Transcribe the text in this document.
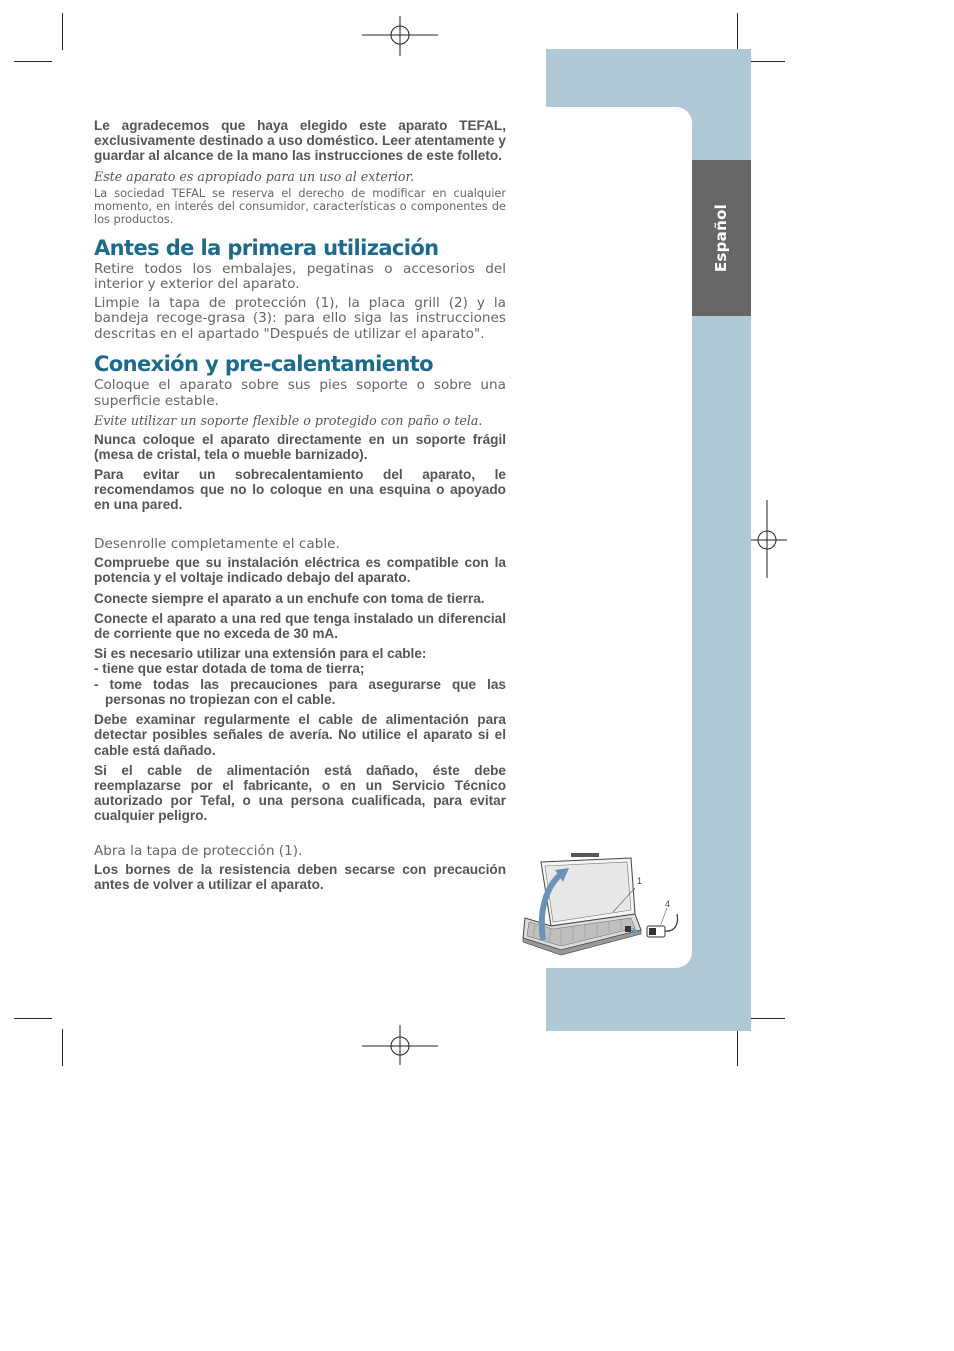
Español

Le agradecemos que haya elegido este aparato TEFAL, exclusivamente destinado a uso doméstico. Leer atentamente y guardar al alcance de la mano las instrucciones de este folleto.

Este aparato es apropiado para un uso al exterior.

La sociedad TEFAL se reserva el derecho de modificar en cualquier momento, en interés del consumidor, características o componentes de los productos.

Antes de la primera utilización

Retire todos los embalajes, pegatinas o accesorios del interior y exterior del aparato.

Limpie la tapa de protección (1), la placa grill (2) y la bandeja recoge-grasa (3): para ello siga las instrucciones descritas en el apartado "Después de utilizar el aparato".

Conexión y pre-calentamiento

Coloque el aparato sobre sus pies soporte o sobre una superficie estable.

Evite utilizar un soporte flexible o protegido con paño o tela.

Nunca coloque el aparato directamente en un soporte frágil (mesa de cristal, tela o mueble barnizado).

Para evitar un sobrecalentamiento del aparato, le recomendamos que no lo coloque en una esquina o apoyado en una pared.

Desenrolle completamente el cable.

Compruebe que su instalación eléctrica es compatible con la potencia y el voltaje indicado debajo del aparato.

Conecte siempre el aparato a un enchufe con toma de tierra.

Conecte el aparato a una red que tenga instalado un diferencial de corriente que no exceda de 30 mA.

Si es necesario utilizar una extensión para el cable:
- tiene que estar dotada de toma de tierra;
- tome todas las precauciones para asegurarse que las personas no tropiezan con el cable.

Debe examinar regularmente el cable de alimentación para detectar posibles señales de avería. No utilice el aparato si el cable está dañado.

Si el cable de alimentación está dañado, éste debe reemplazarse por el fabricante, o en un Servicio Técnico autorizado por Tefal, o una persona cualificada, para evitar cualquier peligro.

Abra la tapa de protección (1).

Los bornes de la resistencia deben secarse con precaución antes de volver a utilizar el aparato.	1
4
